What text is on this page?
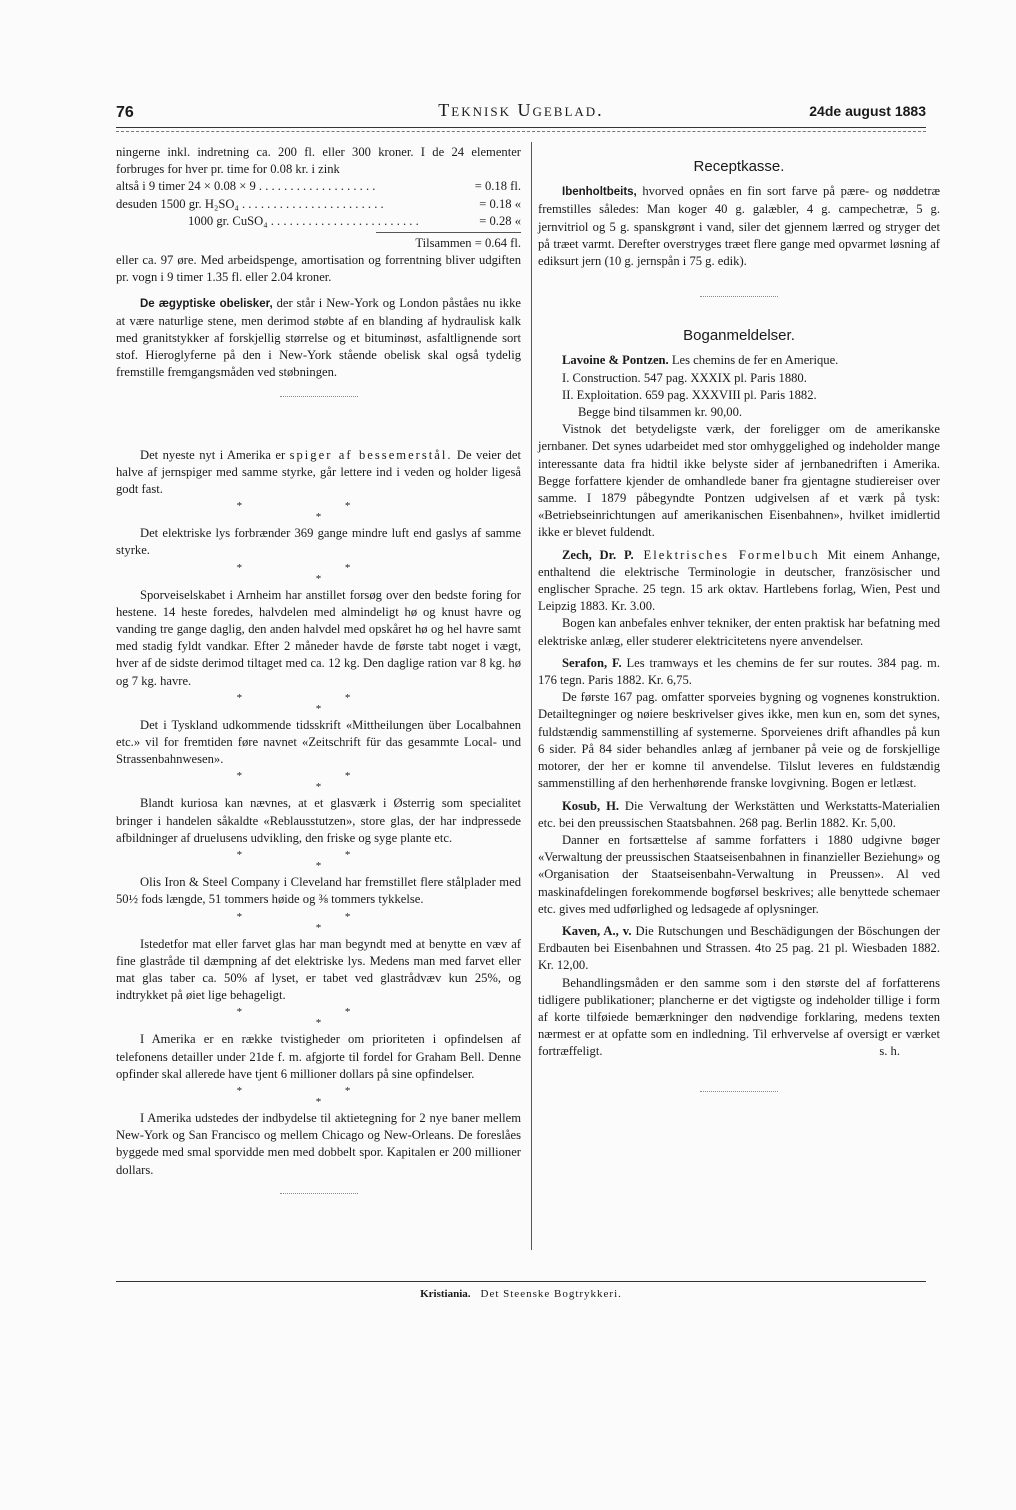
76	Teknisk Ugeblad.	24de august 1883

ningerne inkl. indretning ca. 200 fl. eller 300 kroner. I de 24 elementer forbruges for hver pr. time for 0.08 kr. i zink

altså i 9 timer 24 × 0.08 × 9 . . . . . . . . . . . . . . . . . . .	= 0.18 fl.
desuden 1500 gr. H₂SO₄ . . . . . . . . . . . . . . . . . . . . . . .	= 0.18 «
1000 gr. CuSO₄ . . . . . . . . . . . . . . . . . . . . . . . .	= 0.28 «
Tilsammen = 0.64 fl.

eller ca. 97 øre. Med arbeidspenge, amortisation og forrentning bliver udgiften pr. vogn i 9 timer 1.35 fl. eller 2.04 kroner.

De ægyptiske obelisker, der står i New-York og London påståes nu ikke at være naturlige stene, men derimod støbte af en blanding af hydraulisk kalk med granitstykker af forskjellig størrelse og et bituminøst, asfaltlignende sort stof. Hieroglyferne på den i New-York stående obelisk skal også tydelig fremstille fremgangsmåden ved støbningen.

Det nyeste nyt i Amerika er spiger af bessemerstål. De veier det halve af jernspiger med samme styrke, går lettere ind i veden og holder ligeså godt fast.

* *
*

Det elektriske lys forbrænder 369 gange mindre luft end gaslys af samme styrke.

* *
*

Sporveiselskabet i Arnheim har anstillet forsøg over den bedste foring for hestene. 14 heste foredes, halvdelen med almindeligt hø og knust havre og vanding tre gange daglig, den anden halvdel med opskåret hø og hel havre samt med stadig fyldt vandkar. Efter 2 måneder havde de første tabt noget i vægt, hver af de sidste derimod tiltaget med ca. 12 kg. Den daglige ration var 8 kg. hø og 7 kg. havre.

* *
*

Det i Tyskland udkommende tidsskrift «Mittheilungen über Localbahnen etc.» vil for fremtiden føre navnet «Zeitschrift für das gesammte Local- und Strassenbahnwesen».

* *
*

Blandt kuriosa kan nævnes, at et glasværk i Østerrig som specialitet bringer i handelen såkaldte «Reblausstutzen», store glas, der har indpressede afbildninger af druelusens udvikling, den friske og syge plante etc.

* *
*

Olis Iron & Steel Company i Cleveland har fremstillet flere stålplader med 50½ fods længde, 51 tommers høide og ⅜ tommers tykkelse.

* *
*

Istedetfor mat eller farvet glas har man begyndt med at benytte en væv af fine glastråde til dæmpning af det elektriske lys. Medens man med farvet eller mat glas taber ca. 50% af lyset, er tabet ved glastrådvæv kun 25%, og indtrykket på øiet lige behageligt.

* *
*

I Amerika er en række tvistigheder om prioriteten i opfindelsen af telefonens detailler under 21de f. m. afgjorte til fordel for Graham Bell. Denne opfinder skal allerede have tjent 6 millioner dollars på sine opfindelser.

* *
*

I Amerika udstedes der indbydelse til aktietegning for 2 nye baner mellem New-York og San Francisco og mellem Chicago og New-Orleans. De foreslåes byggede med smal sporvidde men med dobbelt spor. Kapitalen er 200 millioner dollars.

Receptkasse.

Ibenholtbeits, hvorved opnåes en fin sort farve på pære- og nøddetræ fremstilles således: Man koger 40 g. galæbler, 4 g. campechetræ, 5 g. jernvitriol og 5 g. spanskgrønt i vand, siler det gjennem lærred og stryger det på træet varmt. Derefter overstryges træet flere gange med opvarmet løsning af ediksurt jern (10 g. jernspån i 75 g. edik).

Boganmeldelser.

Lavoine & Pontzen. Les chemins de fer en Amerique.

I. Construction. 547 pag. XXXIX pl. Paris 1880.

II. Exploitation. 659 pag. XXXVIII pl. Paris 1882.

Begge bind tilsammen kr. 90,00.

Vistnok det betydeligste værk, der foreligger om de amerikanske jernbaner. Det synes udarbeidet med stor omhyggelighed og indeholder mange interessante data fra hidtil ikke belyste sider af jernbanedriften i Amerika. Begge forfattere kjender de omhandlede baner fra gjentagne studiereiser over samme. I 1879 påbegyndte Pontzen udgivelsen af et værk på tysk: «Betriebseinrichtungen auf amerikanischen Eisenbahnen», hvilket imidlertid ikke er blevet fuldendt.

Zech, Dr. P. Elektrisches Formelbuch Mit einem Anhange, enthaltend die elektrische Terminologie in deutscher, französischer und englischer Sprache. 25 tegn. 15 ark oktav. Hartlebens forlag, Wien, Pest und Leipzig 1883. Kr. 3.00.

Bogen kan anbefales enhver tekniker, der enten praktisk har befatning med elektriske anlæg, eller studerer elektricitetens nyere anvendelser.

Serafon, F. Les tramways et les chemins de fer sur routes. 384 pag. m. 176 tegn. Paris 1882. Kr. 6,75.

De første 167 pag. omfatter sporveies bygning og vognenes konstruktion. Detailtegninger og nøiere beskrivelser gives ikke, men kun en, som det synes, fuldstændig sammenstilling af systemerne. Sporveienes drift afhandles på kun 6 sider. På 84 sider behandles anlæg af jernbaner på veie og de forskjellige motorer, der her er komne til anvendelse. Tilslut leveres en fuldstændig sammenstilling af den herhenhørende franske lovgivning. Bogen er letlæst.

Kosub, H. Die Verwaltung der Werkstätten und Werkstatts-Materialien etc. bei den preussischen Staatsbahnen. 268 pag. Berlin 1882. Kr. 5,00.

Danner en fortsættelse af samme forfatters i 1880 udgivne bøger «Verwaltung der preussischen Staatseisenbahnen in finanzieller Beziehung» og «Organisation der Staatseisenbahn-Verwaltung in Preussen». Al ved maskinafdelingen forekommende bogførsel beskrives; alle benyttede schemaer etc. gives med udførlighed og ledsagede af oplysninger.

Kaven, A., v. Die Rutschungen und Beschädigungen der Böschungen der Erdbauten bei Eisenbahnen und Strassen. 4to 25 pag. 21 pl. Wiesbaden 1882. Kr. 12,00.

Behandlingsmåden er den samme som i den største del af forfatterens tidligere publikationer; plancherne er det vigtigste og indeholder tillige i form af korte tilføiede bemærkninger den nødvendige forklaring, medens texten nærmest er at opfatte som en indledning. Til erhvervelse af oversigt er værket fortræffeligt.	s. h.

Kristiania. Det Steenske Bogtrykkeri.
